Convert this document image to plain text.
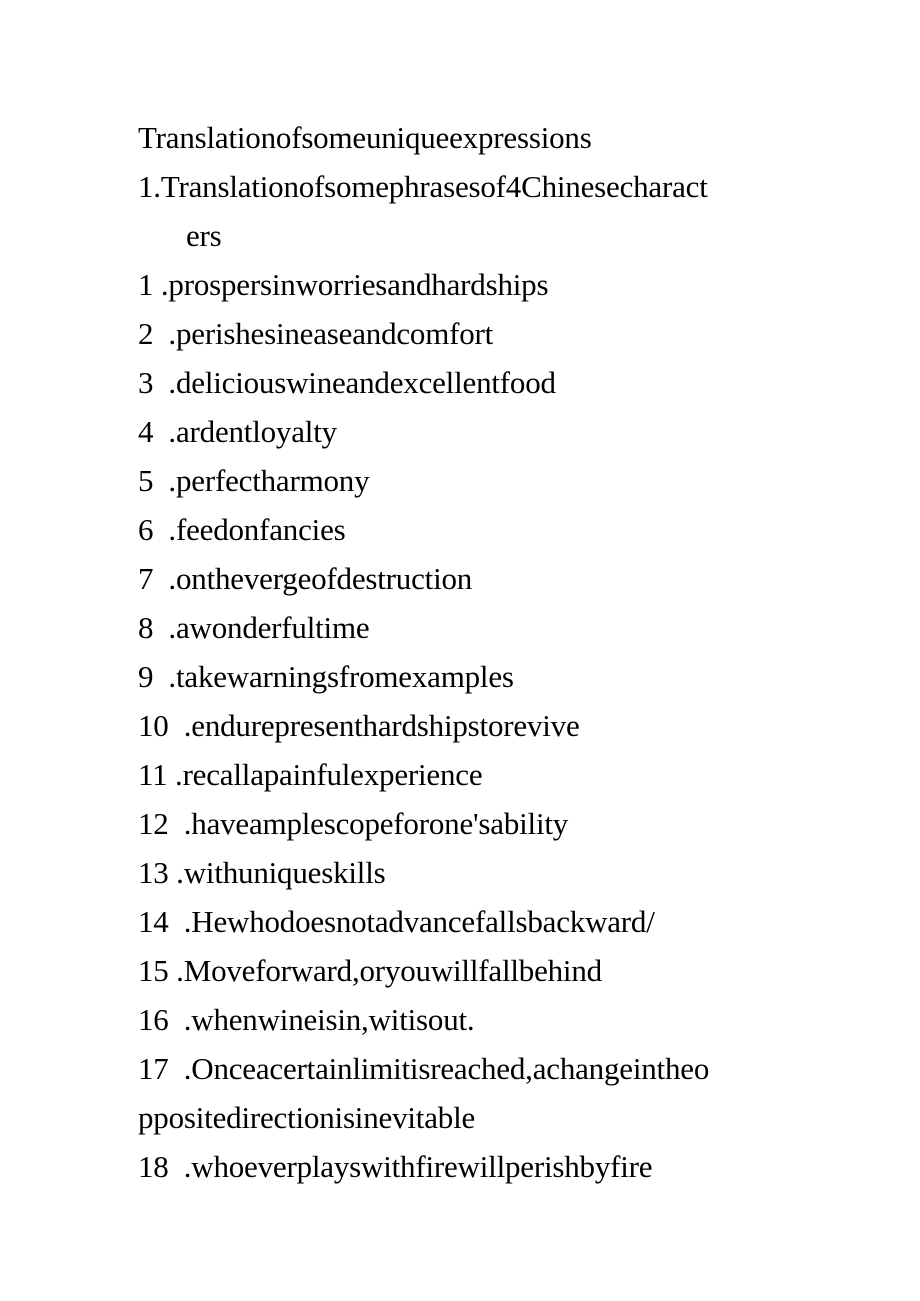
Translationofsomeuniqueexpressions
1.Translationofsomephrasesof4Chinesecharact
ers
1 .prospersinworriesandhardships
2  .perishesineaseandcomfort
3  .deliciouswineandexcellentfood
4  .ardentloyalty
5  .perfectharmony
6  .feedonfancies
7  .onthevergeofdestruction
8  .awonderfultime
9  .takewarningsfromexamples
10  .endurepresenthardshipstorevive
11 .recallapainfulexperience
12  .haveamplescopeforone'sability
13 .withuniqueskills
14  .Hewhodoesnotadvancefallsbackward/
15 .Moveforward,oryouwillfallbehind
16  .whenwineisin,witisout.
17  .Onceacertainlimitisreached,achangeintheo
ppositedirectionisinevitable
18  .whoeverplayswithfirewillperishbyfire
